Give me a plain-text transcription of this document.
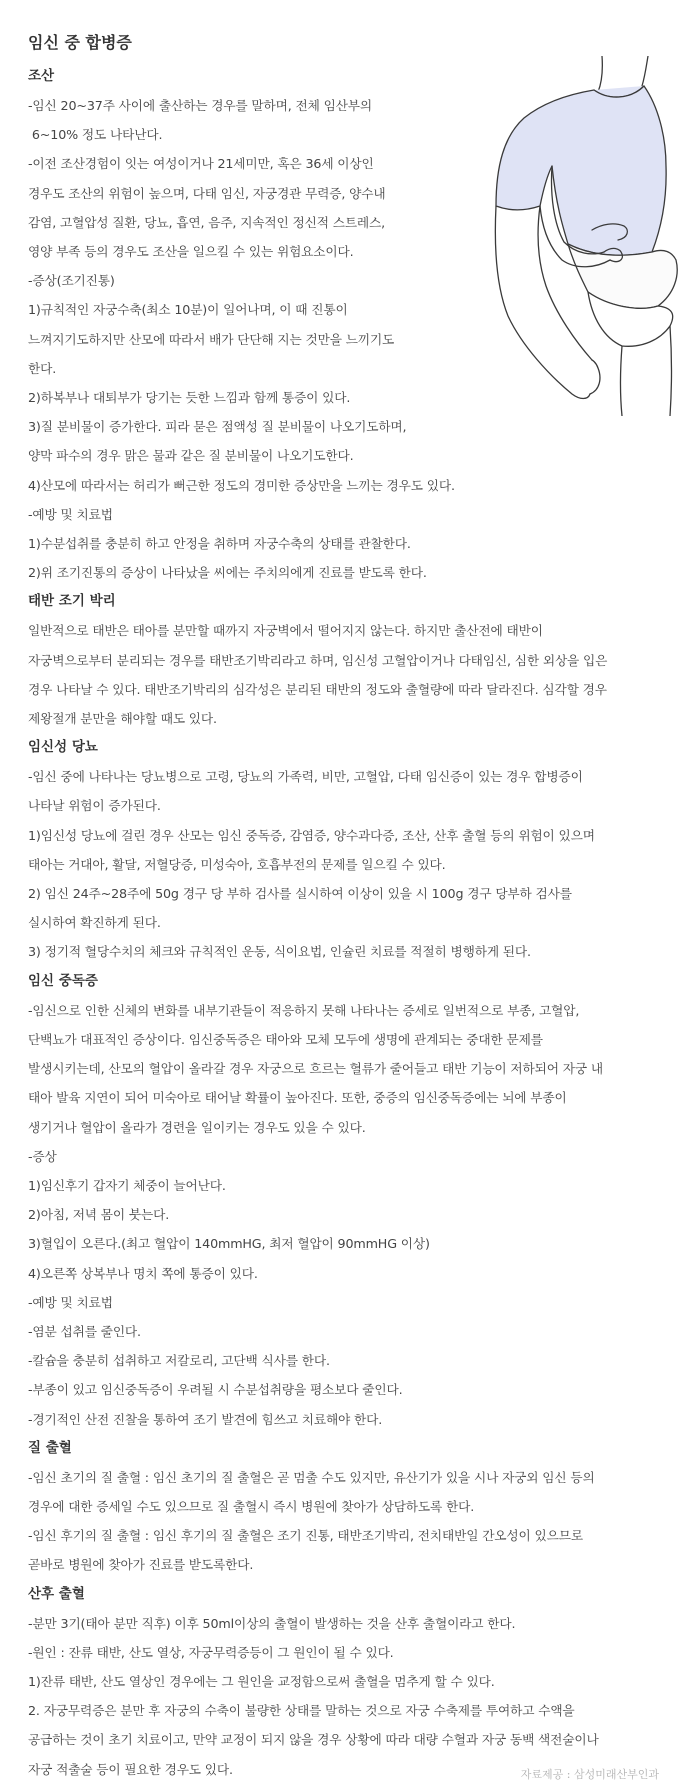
임신 중 합병증
조산
-임신 20~37주 사이에 출산하는 경우를 말하며, 전체 임산부의
6~10% 정도 나타난다.
-이전 조산경험이 잇는 여성이거나 21세미만, 혹은 36세 이상인
경우도 조산의 위험이 높으며, 다태 임신, 자궁경관 무력증, 양수내
감염, 고혈압성 질환, 당뇨, 흡연, 음주, 지속적인 정신적 스트레스,
영양 부족 등의 경우도 조산을 일으킬 수 있는 위험요소이다.
-증상(조기진통)
1)규칙적인 자궁수축(최소 10분)이 일어나며, 이 때 진통이
느껴지기도하지만 산모에 따라서 배가 단단해 지는 것만을 느끼기도
한다.
2)하복부나 대퇴부가 당기는 듯한 느낌과 함께 통증이 있다.
3)질 분비물이 증가한다. 피라 묻은 점액성 질 분비물이 나오기도하며,
양막 파수의 경우 맑은 물과 같은 질 분비물이 나오기도한다.
4)산모에 따라서는 허리가 뻐근한 정도의 경미한 증상만을 느끼는 경우도 있다.
-예방 및 치료법
1)수분섭취를 충분히 하고 안정을 취하며 자궁수축의 상태를 관찰한다.
2)위 조기진통의 증상이 나타났을 씨에는 주치의에게 진료를 받도록 한다.
태반 조기 박리
일반적으로 태반은 태아를 분만할 때까지 자궁벽에서 떨어지지 않는다. 하지만 출산전에 태반이
자궁벽으로부터 분리되는 경우를 태반조기박리라고 하며, 임신성 고혈압이거나 다태임신, 심한 외상을 입은
경우 나타날 수 있다. 태반조기박리의 심각성은 분리된 태반의 정도와 출혈량에 따라 달라진다. 심각할 경우
제왕절개 분만을 해야할 때도 있다.
임신성 당뇨
-임신 중에 나타나는 당뇨병으로 고령, 당뇨의 가족력, 비만, 고혈압, 다태 임신증이 있는 경우 합병증이
나타날 위험이 증가된다.
1)임신성 당뇨에 걸린 경우 산모는 임신 중독증, 감염증, 양수과다증, 조산, 산후 출혈 등의 위험이 있으며
태아는 거대아, 활달, 저혈당증, 미성숙아, 호흡부전의 문제를 일으킬 수 있다.
2) 임신 24주~28주에 50g 경구 당 부하 검사를 실시하여 이상이 있을 시 100g 경구 당부하 검사를
실시하여 확진하게 된다.
3) 정기적 혈당수치의 체크와 규칙적인 운동, 식이요법, 인슐린 치료를 적절히 병행하게 된다.
임신 중독증
-임신으로 인한 신체의 변화를 내부기관들이 적응하지 못해 나타나는 증세로 일번적으로 부종, 고혈압,
단백뇨가 대표적인 증상이다. 임신중독증은 태아와 모체 모두에 생명에 관계되는 중대한 문제를
발생시키는데, 산모의 혈압이 올라갈 경우 자궁으로 흐르는 혈류가 줄어들고 태반 기능이 저하되어 자궁 내
태아 발육 지연이 되어 미숙아로 태어날 확률이 높아진다. 또한, 중증의 임신중독증에는 뇌에 부종이
생기거나 혈압이 올라가 경련을 일이키는 경우도 있을 수 있다.
-증상
1)임신후기 갑자기 체중이 늘어난다.
2)아침, 저녁 몸이 붓는다.
3)혈입이 오른다.(최고 혈압이 140mmHG, 최저 혈압이 90mmHG 이상)
4)오른쪽 상복부나 명치 쪽에 통증이 있다.
-예방 및 치료법
-염분 섭취를 줄인다.
-칼슘을 충분히 섭취하고 저칼로리, 고단백 식사를 한다.
-부종이 있고 임신중독증이 우려될 시 수분섭취량을 평소보다 줄인다.
-경기적인 산전 진찰을 통하여 조기 발견에 힘쓰고 치료해야 한다.
질 출혈
-임신 초기의 질 출혈 : 임신 초기의 질 출혈은 곧 멈출 수도 있지만, 유산기가 있을 시나 자궁외 임신 등의
경우에 대한 증세일 수도 있으므로 질 출혈시 즉시 병원에 찾아가 상담하도록 한다.
-임신 후기의 질 출혈 : 임신 후기의 질 출혈은 조기 진통, 태반조기박리, 전치태반일 간오성이 있으므로
곧바로 병원에 찾아가 진료를 받도록한다.
산후 출혈
-분만 3기(태아 분만 직후) 이후 50ml이상의 출혈이 발생하는 것을 산후 출혈이라고 한다.
-원인 : 잔류 태반, 산도 열상, 자궁무력증등이 그 원인이 될 수 있다.
1)잔류 태반, 산도 열상인 경우에는 그 원인을 교정함으로써 출혈을 멈추게 할 수 있다.
2. 자궁무력증은 분만 후 자궁의 수축이 불량한 상태를 말하는 것으로 자궁 수축제를 투여하고 수액을
공급하는 것이 초기 치료이고, 만약 교정이 되지 않을 경우 상황에 따라 대량 수혈과 자궁 동백 색전술이나
자궁 적출술 등이 필요한 경우도 있다.	자료제공 : 삼성미래산부인과
